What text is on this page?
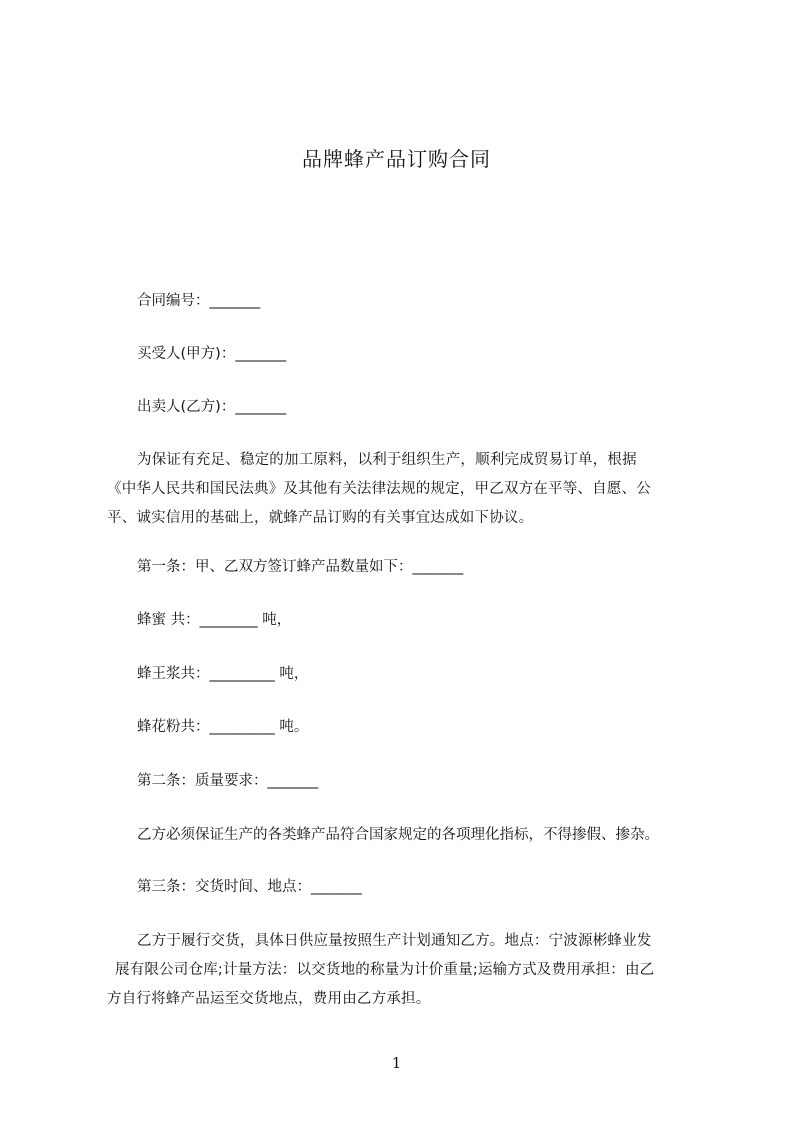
品牌蜂产品订购合同
合同编号：_______
买受人(甲方)：_______
出卖人(乙方)：_______
为保证有充足、稳定的加工原料，以利于组织生产，顺利完成贸易订单，根据
《中华人民共和国民法典》及其他有关法律法规的规定，甲乙双方在平等、自愿、公
平、诚实信用的基础上，就蜂产品订购的有关事宜达成如下协议。
第一条：甲、乙双方签订蜂产品数量如下：_______
蜂蜜 共：________ 吨，
蜂王浆共：_________ 吨，
蜂花粉共：_________ 吨。
第二条：质量要求：_______
乙方必须保证生产的各类蜂产品符合国家规定的各项理化指标，不得掺假、掺杂。
第三条：交货时间、地点：_______
乙方于履行交货，具体日供应量按照生产计划通知乙方。地点：宁波源彬蜂业发
展有限公司仓库;计量方法：以交货地的称量为计价重量;运输方式及费用承担：由乙
方自行将蜂产品运至交货地点，费用由乙方承担。
1
